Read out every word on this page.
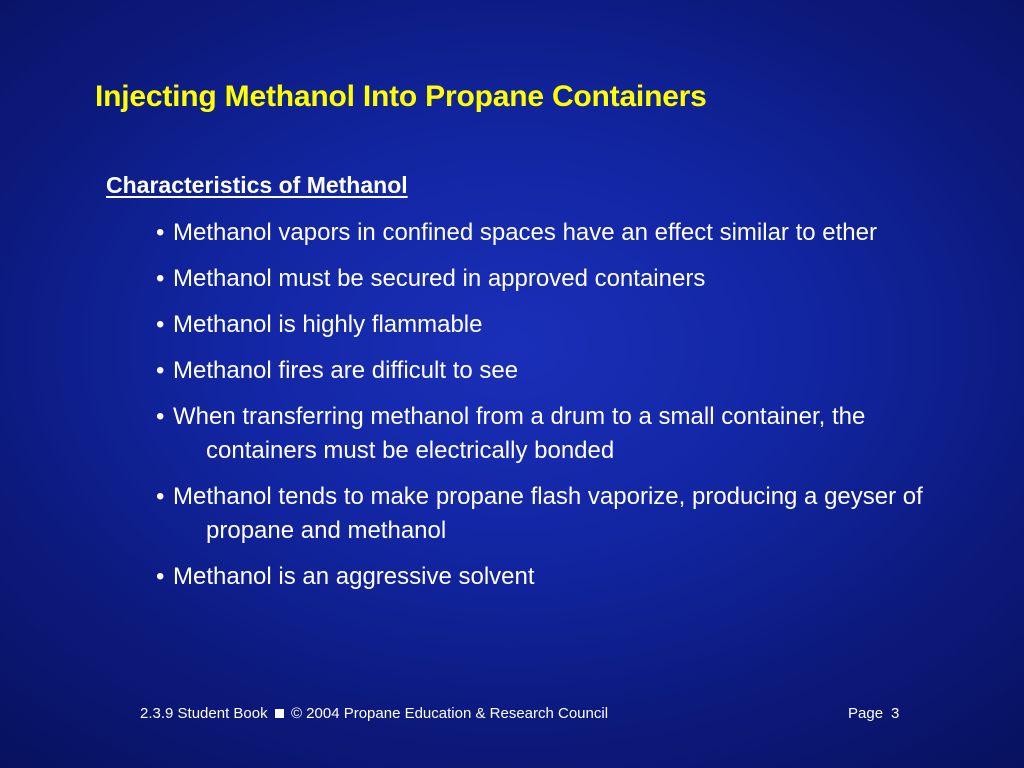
Injecting Methanol Into Propane Containers
Characteristics of Methanol
• Methanol vapors in confined spaces have an effect similar to ether
• Methanol must be secured in approved containers
• Methanol is highly flammable
• Methanol fires are difficult to see
• When transferring methanol from a drum to a small container, the containers must be electrically bonded
• Methanol tends to make propane flash vaporize, producing a geyser of propane and methanol
• Methanol is an aggressive solvent
2.3.9 Student Book © 2004 Propane Education & Research Council	Page 3
